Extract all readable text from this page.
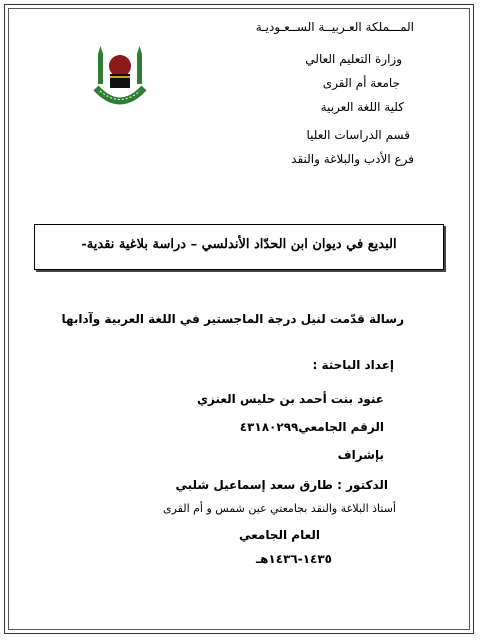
المـــملكة العـربيــة الســعـوديـة
وزارة التعليم العالي
جامعة أم القرى
كلية اللغة العربية
قسم الدراسات العليا
فرع الأدب والبلاغة والنقد
البديع في ديوان ابن الحدّاد الأندلسي – دراسة بلاغية نقدية-
رسالة قدّمت لنيل درجة الماجستير في اللغة العربية وآدابها
إعداد الباحثة :
عنود بنت أحمد بن حليس العنزي
الرقم الجامعي٤٣١٨٠٢٩٩
بإشراف
الدكتور : طارق سعد إسماعيل شلبي
أستاذ البلاغة والنقد بجامعتي عين شمس و أم القرى
العام الجامعي
١٤٣٥-١٤٣٦هـ
